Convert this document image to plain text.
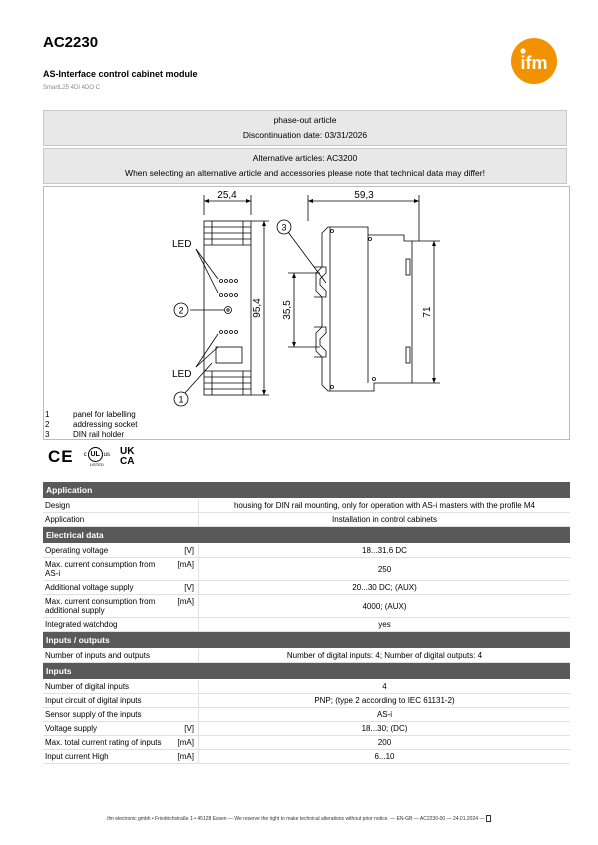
AC2230
AS-Interface control cabinet module
SmartL25 4DI 4DO C
ifm
phase-out article
Discontinuation date: 03/31/2026
Alternative articles: AC3200
When selecting an alternative article and accessories please note that technical data may differ!
2
1
3
LED
LED
25,4	59,3
95,4 35,5	71
1	panel for labelling
2	addressing socket
3	DIN rail holder
CE c UL us
LISTED
UK
CA
Application		
Design		housing for DIN rail mounting, only for operation with AS-i masters with the profile M4
Application		Installation in control cabinets
Electrical data		
Operating voltage	[V]	18...31.6 DC
Max. current consumption from AS-i	[mA]	250
Additional voltage supply	[V]	20...30 DC; (AUX)
Max. current consumption from additional supply	[mA]	4000; (AUX)
Integrated watchdog		yes
Inputs / outputs		
Number of inputs and outputs		Number of digital inputs: 4; Number of digital outputs: 4
Inputs		
Number of digital inputs		4
Input circuit of digital inputs		PNP; (type 2 according to IEC 61131-2)
Sensor supply of the inputs		AS-i
Voltage supply	[V]	18...30; (DC)
Max. total current rating of inputs	[mA]	200
Input current High	[mA]	6...10
ifm electronic gmbh • Friedrichstraße 1 • 45128 Essen — We reserve the right to make technical alterations without prior notice. — EN-GB — AC2230-00 — 24.01.2024 —
